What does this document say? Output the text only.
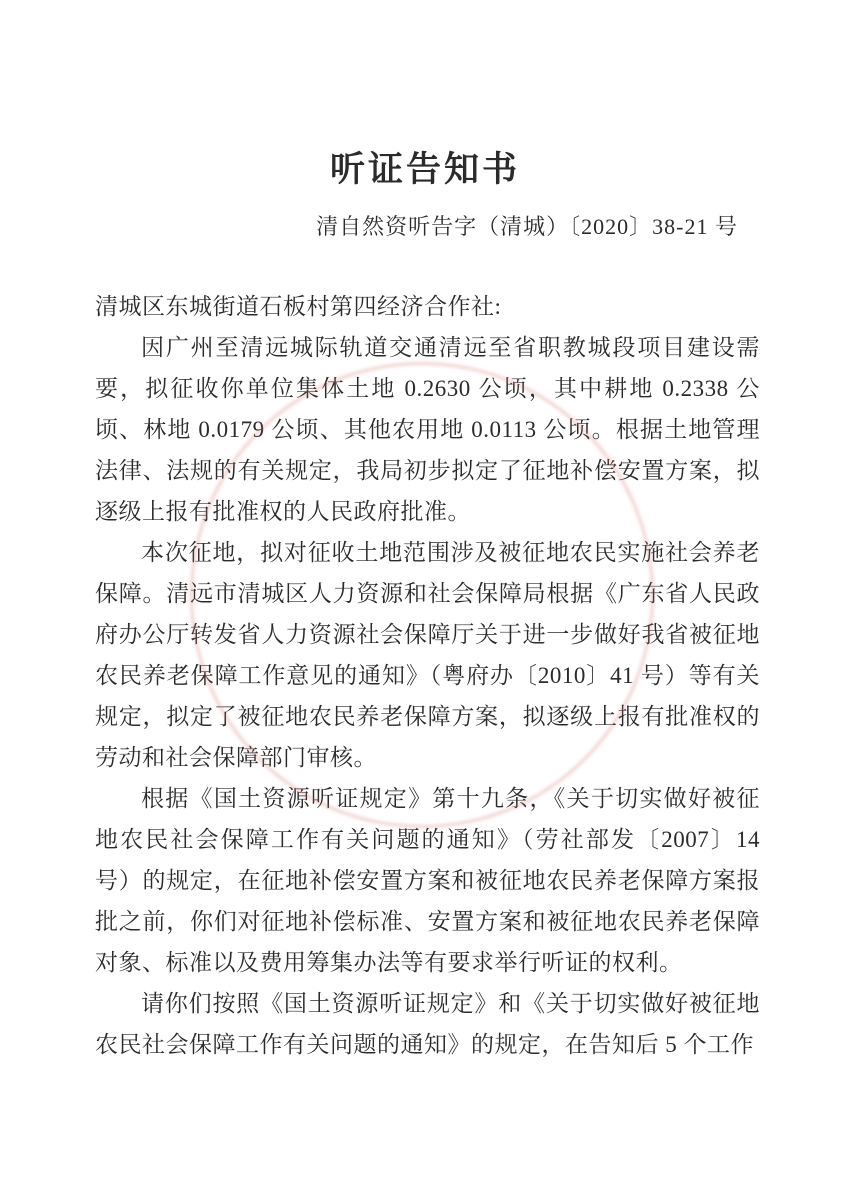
听证告知书
清自然资听告字（清城）〔2020〕38-21 号

清城区东城街道石板村第四经济合作社:

因广州至清远城际轨道交通清远至省职教城段项目建设需要，拟征收你单位集体土地 0.2630 公顷，其中耕地 0.2338 公顷、林地 0.0179 公顷、其他农用地 0.0113 公顷。根据土地管理法律、法规的有关规定，我局初步拟定了征地补偿安置方案，拟逐级上报有批准权的人民政府批准。

本次征地，拟对征收土地范围涉及被征地农民实施社会养老保障。清远市清城区人力资源和社会保障局根据《广东省人民政府办公厅转发省人力资源社会保障厅关于进一步做好我省被征地农民养老保障工作意见的通知》（粤府办〔2010〕41 号）等有关规定，拟定了被征地农民养老保障方案，拟逐级上报有批准权的劳动和社会保障部门审核。

根据《国土资源听证规定》第十九条，《关于切实做好被征地农民社会保障工作有关问题的通知》（劳社部发〔2007〕14 号）的规定，在征地补偿安置方案和被征地农民养老保障方案报批之前，你们对征地补偿标准、安置方案和被征地农民养老保障对象、标准以及费用筹集办法等有要求举行听证的权利。

请你们按照《国土资源听证规定》和《关于切实做好被征地农民社会保障工作有关问题的通知》的规定，在告知后 5 个工作
